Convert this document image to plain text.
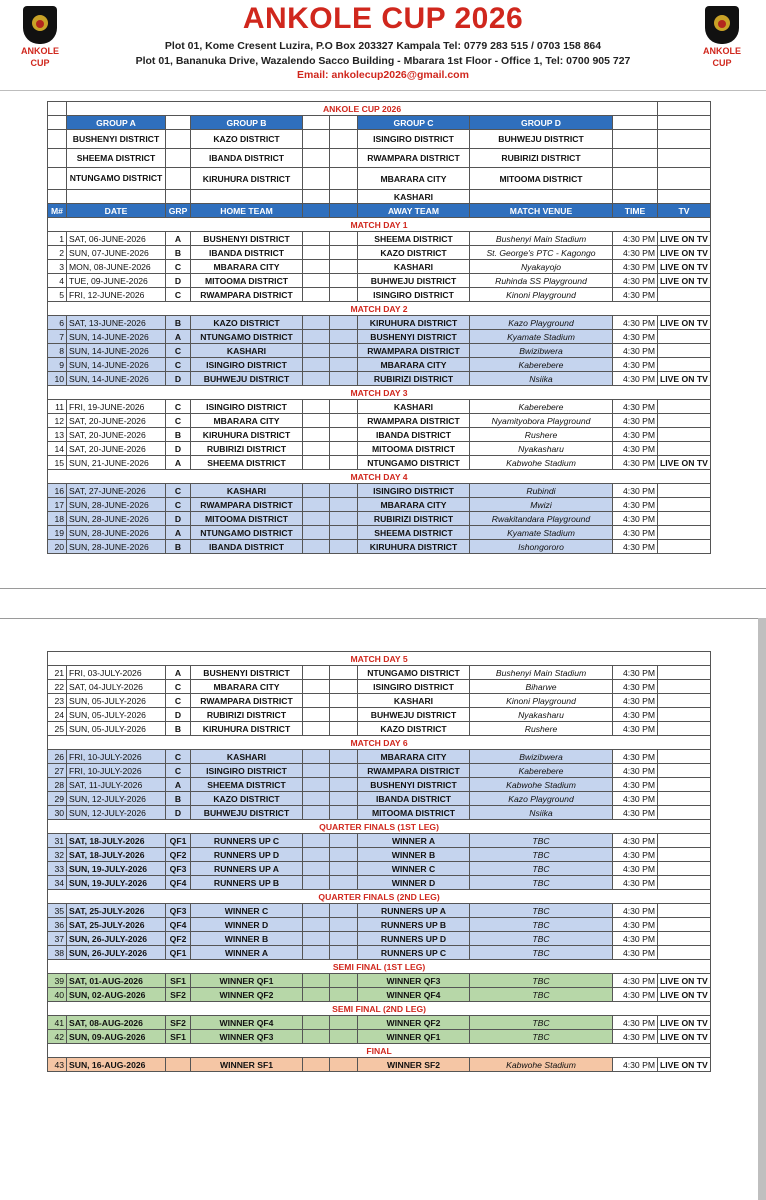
ANKOLE
CUP
ANKOLE CUP 2026
Plot 01, Kome Cresent Luzira, P.O Box 203327 Kampala Tel: 0779 283 515 / 0703 158 864
Plot 01, Bananuka Drive, Wazalendo Sacco Building - Mbarara 1st Floor - Office 1, Tel: 0700 905 727
Email: ankolecup2026@gmail.com
ANKOLE
CUP
	ANKOLE CUP 2026								
	GROUP A		GROUP B			GROUP C	GROUP D		
	BUSHENYI DISTRICT		KAZO DISTRICT			ISINGIRO DISTRICT	BUHWEJU DISTRICT		
	SHEEMA DISTRICT		IBANDA DISTRICT			RWAMPARA DISTRICT	RUBIRIZI DISTRICT		
	NTUNGAMO DISTRICT		KIRUHURA DISTRICT			MBARARA CITY	MITOOMA DISTRICT		
						KASHARI			
M#	DATE	GRP	HOME TEAM			AWAY TEAM	MATCH VENUE	TIME	TV
MATCH DAY 1									
1	SAT, 06-JUNE-2026	A	BUSHENYI DISTRICT			SHEEMA DISTRICT	Bushenyi Main Stadium	4:30 PM	LIVE ON TV
2	SUN, 07-JUNE-2026	B	IBANDA DISTRICT			KAZO DISTRICT	St. George's PTC - Kagongo	4:30 PM	LIVE ON TV
3	MON, 08-JUNE-2026	C	MBARARA CITY			KASHARI	Nyakayojo	4:30 PM	LIVE ON TV
4	TUE, 09-JUNE-2026	D	MITOOMA DISTRICT			BUHWEJU DISTRICT	Ruhinda SS Playground	4:30 PM	LIVE ON TV
5	FRI, 12-JUNE-2026	C	RWAMPARA DISTRICT			ISINGIRO DISTRICT	Kinoni Playground	4:30 PM	
MATCH DAY 2									
6	SAT, 13-JUNE-2026	B	KAZO DISTRICT			KIRUHURA DISTRICT	Kazo Playground	4:30 PM	LIVE ON TV
7	SUN, 14-JUNE-2026	A	NTUNGAMO DISTRICT			BUSHENYI DISTRICT	Kyamate Stadium	4:30 PM	
8	SUN, 14-JUNE-2026	C	KASHARI			RWAMPARA DISTRICT	Bwizibwera	4:30 PM	
9	SUN, 14-JUNE-2026	C	ISINGIRO DISTRICT			MBARARA CITY	Kaberebere	4:30 PM	
10	SUN, 14-JUNE-2026	D	BUHWEJU DISTRICT			RUBIRIZI DISTRICT	Nsiika	4:30 PM	LIVE ON TV
MATCH DAY 3									
11	FRI, 19-JUNE-2026	C	ISINGIRO DISTRICT			KASHARI	Kaberebere	4:30 PM	
12	SAT, 20-JUNE-2026	C	MBARARA CITY			RWAMPARA DISTRICT	Nyamityobora Playground	4:30 PM	
13	SAT, 20-JUNE-2026	B	KIRUHURA DISTRICT			IBANDA DISTRICT	Rushere	4:30 PM	
14	SAT, 20-JUNE-2026	D	RUBIRIZI DISTRICT			MITOOMA DISTRICT	Nyakasharu	4:30 PM	
15	SUN, 21-JUNE-2026	A	SHEEMA DISTRICT			NTUNGAMO DISTRICT	Kabwohe Stadium	4:30 PM	LIVE ON TV
MATCH DAY 4									
16	SAT, 27-JUNE-2026	C	KASHARI			ISINGIRO DISTRICT	Rubindi	4:30 PM	
17	SUN, 28-JUNE-2026	C	RWAMPARA DISTRICT			MBARARA CITY	Mwizi	4:30 PM	
18	SUN, 28-JUNE-2026	D	MITOOMA DISTRICT			RUBIRIZI DISTRICT	Rwakitandara Playground	4:30 PM	
19	SUN, 28-JUNE-2026	A	NTUNGAMO DISTRICT			SHEEMA DISTRICT	Kyamate Stadium	4:30 PM	
20	SUN, 28-JUNE-2026	B	IBANDA DISTRICT			KIRUHURA DISTRICT	Ishongororo	4:30 PM	
MATCH DAY 5									
21	FRI, 03-JULY-2026	A	BUSHENYI DISTRICT			NTUNGAMO DISTRICT	Bushenyi Main Stadium	4:30 PM	
22	SAT, 04-JULY-2026	C	MBARARA CITY			ISINGIRO DISTRICT	Biharwe	4:30 PM	
23	SUN, 05-JULY-2026	C	RWAMPARA DISTRICT			KASHARI	Kinoni Playground	4:30 PM	
24	SUN, 05-JULY-2026	D	RUBIRIZI DISTRICT			BUHWEJU DISTRICT	Nyakasharu	4:30 PM	
25	SUN, 05-JULY-2026	B	KIRUHURA DISTRICT			KAZO DISTRICT	Rushere	4:30 PM	
MATCH DAY 6									
26	FRI, 10-JULY-2026	C	KASHARI			MBARARA CITY	Bwizibwera	4:30 PM	
27	FRI, 10-JULY-2026	C	ISINGIRO DISTRICT			RWAMPARA DISTRICT	Kaberebere	4:30 PM	
28	SAT, 11-JULY-2026	A	SHEEMA DISTRICT			BUSHENYI DISTRICT	Kabwohe Stadium	4:30 PM	
29	SUN, 12-JULY-2026	B	KAZO DISTRICT			IBANDA DISTRICT	Kazo Playground	4:30 PM	
30	SUN, 12-JULY-2026	D	BUHWEJU DISTRICT			MITOOMA DISTRICT	Nsiika	4:30 PM	
QUARTER FINALS (1ST LEG)									
31	SAT, 18-JULY-2026	QF1	RUNNERS UP C			WINNER A	TBC	4:30 PM	
32	SAT, 18-JULY-2026	QF2	RUNNERS UP D			WINNER B	TBC	4:30 PM	
33	SUN, 19-JULY-2026	QF3	RUNNERS UP A			WINNER C	TBC	4:30 PM	
34	SUN, 19-JULY-2026	QF4	RUNNERS UP B			WINNER D	TBC	4:30 PM	
QUARTER FINALS (2ND LEG)									
35	SAT, 25-JULY-2026	QF3	WINNER C			RUNNERS UP A	TBC	4:30 PM	
36	SAT, 25-JULY-2026	QF4	WINNER D			RUNNERS UP B	TBC	4:30 PM	
37	SUN, 26-JULY-2026	QF2	WINNER B			RUNNERS UP D	TBC	4:30 PM	
38	SUN, 26-JULY-2026	QF1	WINNER A			RUNNERS UP C	TBC	4:30 PM	
SEMI FINAL (1ST LEG)									
39	SAT, 01-AUG-2026	SF1	WINNER QF1			WINNER QF3	TBC	4:30 PM	LIVE ON TV
40	SUN, 02-AUG-2026	SF2	WINNER QF2			WINNER QF4	TBC	4:30 PM	LIVE ON TV
SEMI FINAL (2ND LEG)									
41	SAT, 08-AUG-2026	SF2	WINNER QF4			WINNER QF2	TBC	4:30 PM	LIVE ON TV
42	SUN, 09-AUG-2026	SF1	WINNER QF3			WINNER QF1	TBC	4:30 PM	LIVE ON TV
FINAL									
43	SUN, 16-AUG-2026		WINNER SF1			WINNER SF2	Kabwohe Stadium	4:30 PM	LIVE ON TV
